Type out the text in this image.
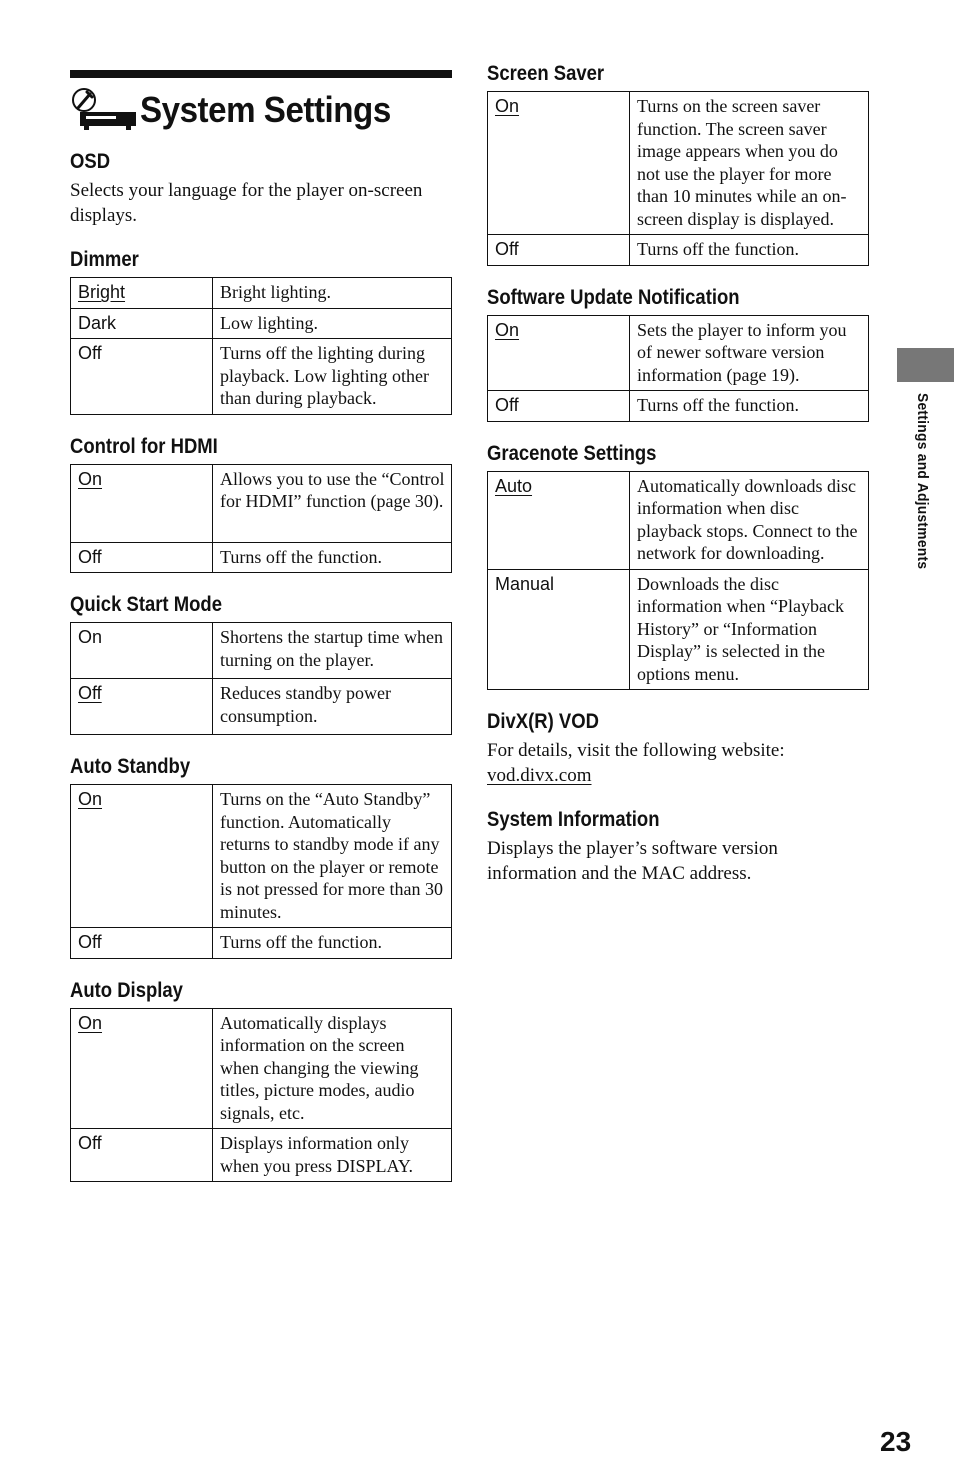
System Settings
OSD

Selects your language for the player on-screen displays.

Dimmer
Bright	Bright lighting.
Dark	Low lighting.
Off	Turns off the lighting during playback. Low lighting other than during playback.
Control for HDMI
On	Allows you to use the “Control for HDMI” function (page 30).
Off	Turns off the function.
Quick Start Mode
On	Shortens the startup time when turning on the player.
Off	Reduces standby power consumption.
Auto Standby
On	Turns on the “Auto Standby” function. Automatically returns to standby mode if any button on the player or remote is not pressed for more than 30 minutes.
Off	Turns off the function.
Auto Display
On	Automatically displays information on the screen when changing the viewing titles, picture modes, audio signals, etc.
Off	Displays information only when you press DISPLAY.
Screen Saver
On	Turns on the screen saver function. The screen saver image appears when you do not use the player for more than 10 minutes while an on-screen display is displayed.
Off	Turns off the function.
Software Update Notification
On	Sets the player to inform you of newer software version information (page 19).
Off	Turns off the function.
Gracenote Settings
Auto	Automatically downloads disc information when disc playback stops. Connect to the network for downloading.
Manual	Downloads the disc information when “Playback History” or “Information Display” is selected in the options menu.
DivX(R) VOD

For details, visit the following website:

vod.divx.com

System Information

Displays the player’s software version information and the MAC address.

Settings and Adjustments
23
